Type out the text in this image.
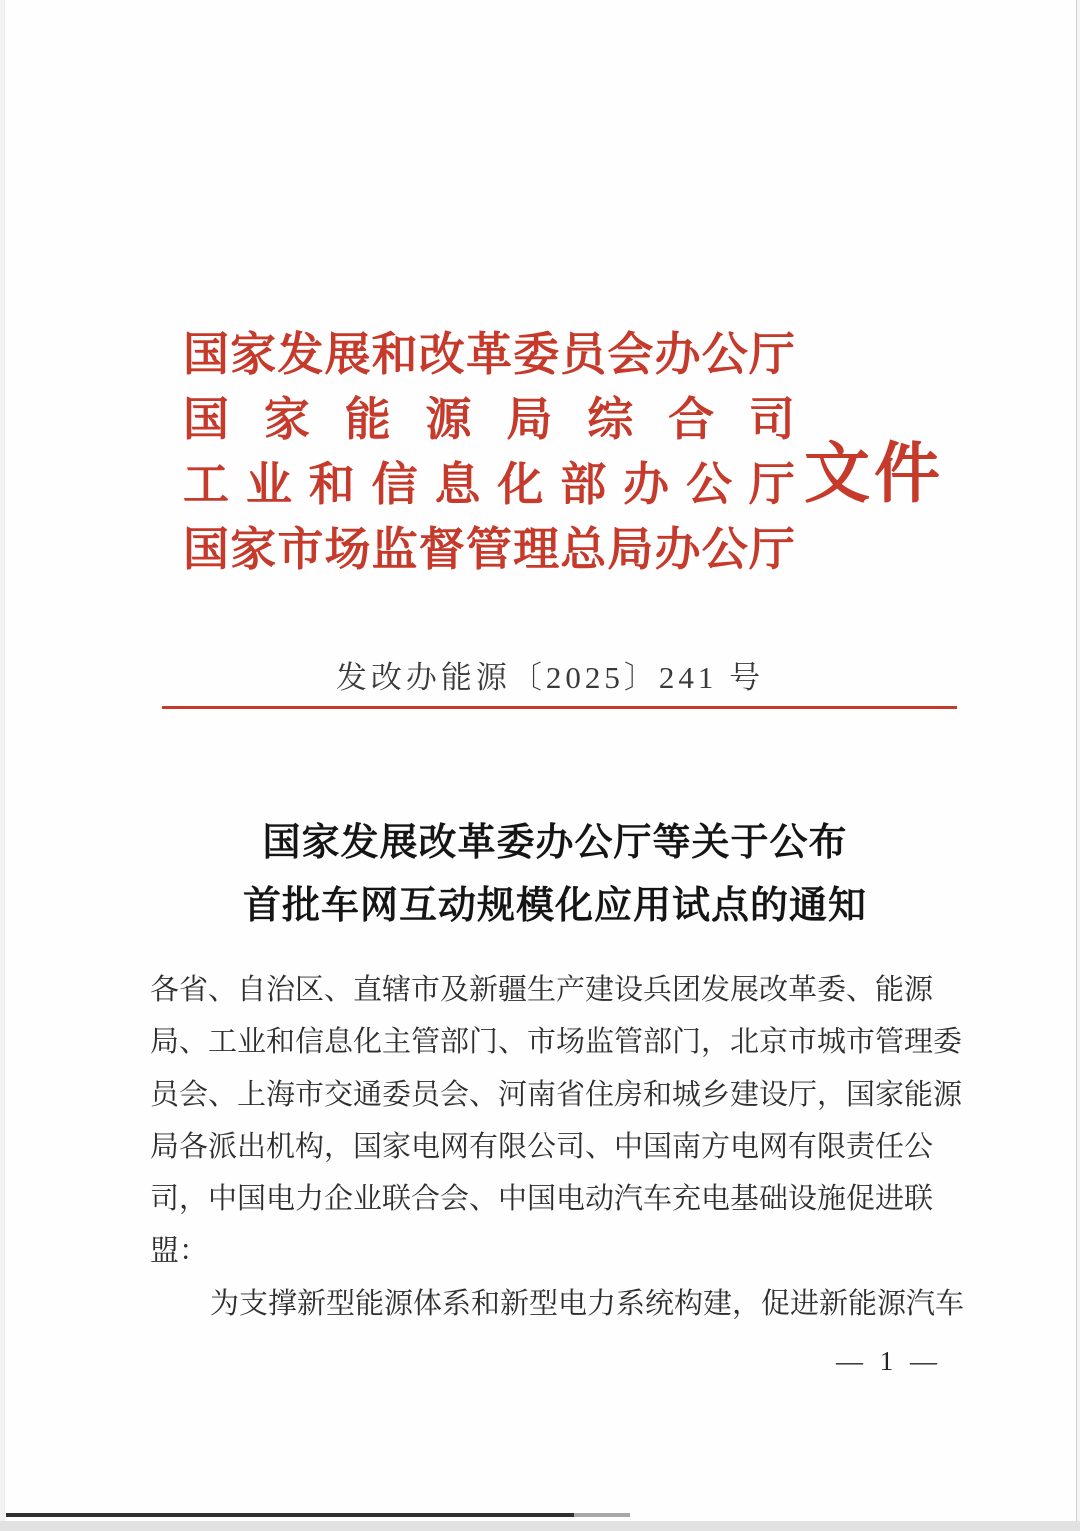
国 家 发 展 和 改 革 委 员 会 办 公 厅
国 家 能 源 局 综 合 司
工 业 和 信 息 化 部 办 公 厅
国 家 市 场 监 督 管 理 总 局 办 公 厅
文件
发改办能源〔2025〕241 号
国家发展改革委办公厅等关于公布
首批车网互动规模化应用试点的通知
各省、自治区、直辖市及新疆生产建设兵团发展改革委、能源
局、工业和信息化主管部门、市场监管部门，北京市城市管理委
员会、上海市交通委员会、河南省住房和城乡建设厅，国家能源
局各派出机构，国家电网有限公司、中国南方电网有限责任公
司，中国电力企业联合会、中国电动汽车充电基础设施促进联
盟：
为支撑新型能源体系和新型电力系统构建，促进新能源汽车
— 1 —
